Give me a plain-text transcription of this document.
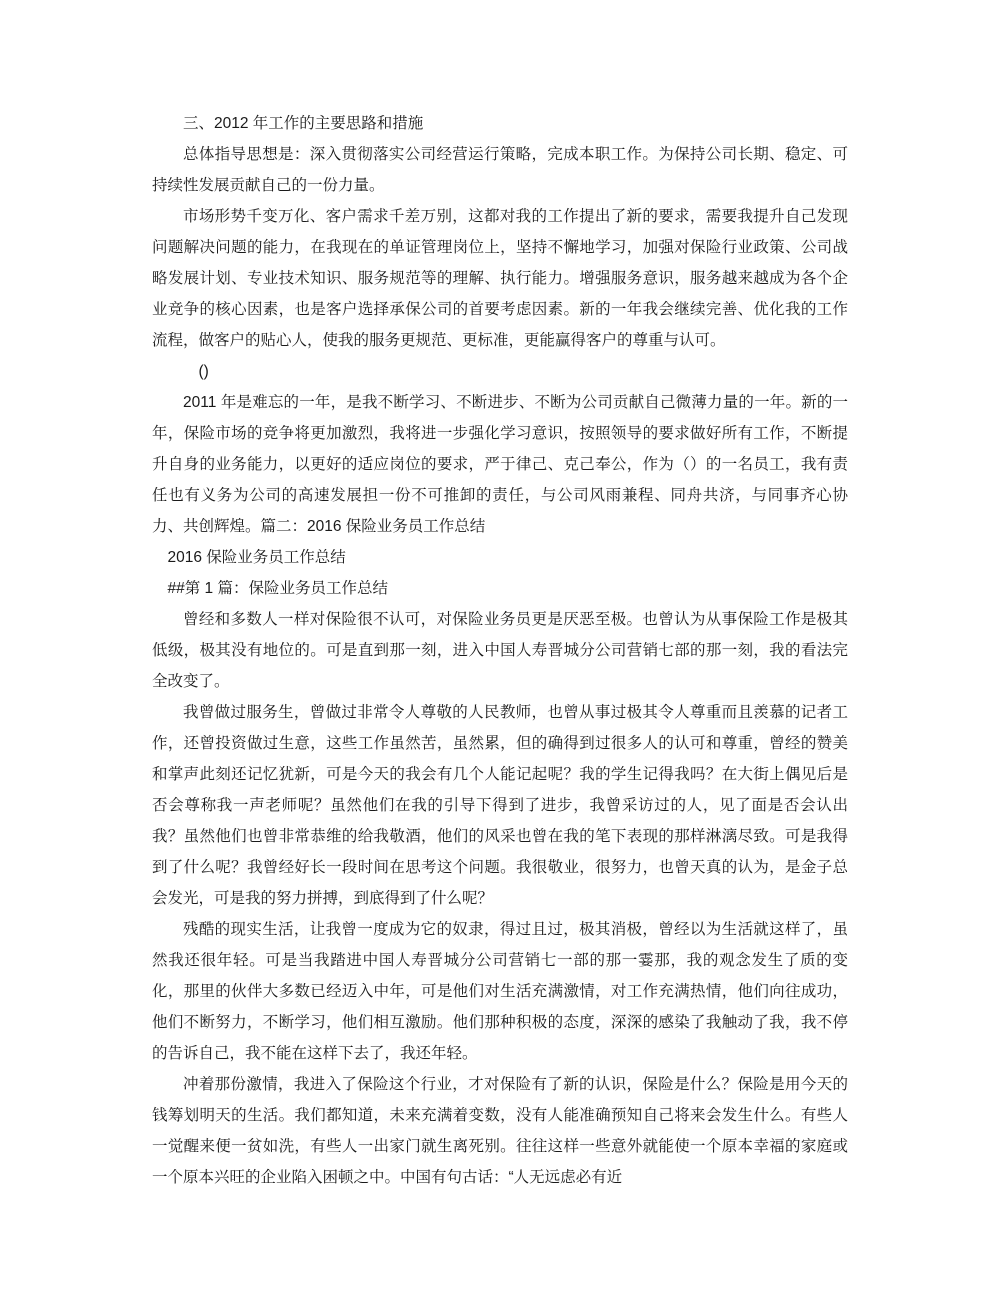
三、2012 年工作的主要思路和措施

总体指导思想是：深入贯彻落实公司经营运行策略，完成本职工作。为保持公司长期、稳定、可持续性发展贡献自己的一份力量。

市场形势千变万化、客户需求千差万别，这都对我的工作提出了新的要求，需要我提升自己发现问题解决问题的能力，在我现在的单证管理岗位上，坚持不懈地学习，加强对保险行业政策、公司战略发展计划、专业技术知识、服务规范等的理解、执行能力。增强服务意识，服务越来越成为各个企业竞争的核心因素，也是客户选择承保公司的首要考虑因素。新的一年我会继续完善、优化我的工作流程，做客户的贴心人，使我的服务更规范、更标准，更能赢得客户的尊重与认可。

()

2011 年是难忘的一年，是我不断学习、不断进步、不断为公司贡献自己微薄力量的一年。新的一年，保险市场的竞争将更加激烈，我将进一步强化学习意识，按照领导的要求做好所有工作，不断提升自身的业务能力，以更好的适应岗位的要求，严于律己、克己奉公，作为（）的一名员工，我有责任也有义务为公司的高速发展担一份不可推卸的责任，与公司风雨兼程、同舟共济，与同事齐心协力、共创辉煌。篇二：2016 保险业务员工作总结

2016 保险业务员工作总结

##第 1 篇：保险业务员工作总结

曾经和多数人一样对保险很不认可，对保险业务员更是厌恶至极。也曾认为从事保险工作是极其低级，极其没有地位的。可是直到那一刻，进入中国人寿晋城分公司营销七部的那一刻，我的看法完全改变了。

我曾做过服务生，曾做过非常令人尊敬的人民教师，也曾从事过极其令人尊重而且羡慕的记者工作，还曾投资做过生意，这些工作虽然苦，虽然累，但的确得到过很多人的认可和尊重，曾经的赞美和掌声此刻还记忆犹新，可是今天的我会有几个人能记起呢？我的学生记得我吗？在大街上偶见后是否会尊称我一声老师呢？虽然他们在我的引导下得到了进步，我曾采访过的人，见了面是否会认出我？虽然他们也曾非常恭维的给我敬酒，他们的风采也曾在我的笔下表现的那样淋漓尽致。可是我得到了什么呢？我曾经好长一段时间在思考这个问题。我很敬业，很努力，也曾天真的认为，是金子总会发光，可是我的努力拼搏，到底得到了什么呢？

残酷的现实生活，让我曾一度成为它的奴隶，得过且过，极其消极，曾经以为生活就这样了，虽然我还很年轻。可是当我踏进中国人寿晋城分公司营销七一部的那一霎那，我的观念发生了质的变化，那里的伙伴大多数已经迈入中年，可是他们对生活充满激情，对工作充满热情，他们向往成功，他们不断努力，不断学习，他们相互激励。他们那种积极的态度，深深的感染了我触动了我，我不停的告诉自己，我不能在这样下去了，我还年轻。

冲着那份激情，我进入了保险这个行业，才对保险有了新的认识，保险是什么？保险是用今天的钱筹划明天的生活。我们都知道，未来充满着变数，没有人能准确预知自己将来会发生什么。有些人一觉醒来便一贫如洗，有些人一出家门就生离死别。往往这样一些意外就能使一个原本幸福的家庭或一个原本兴旺的企业陷入困顿之中。中国有句古话：“人无远虑必有近
